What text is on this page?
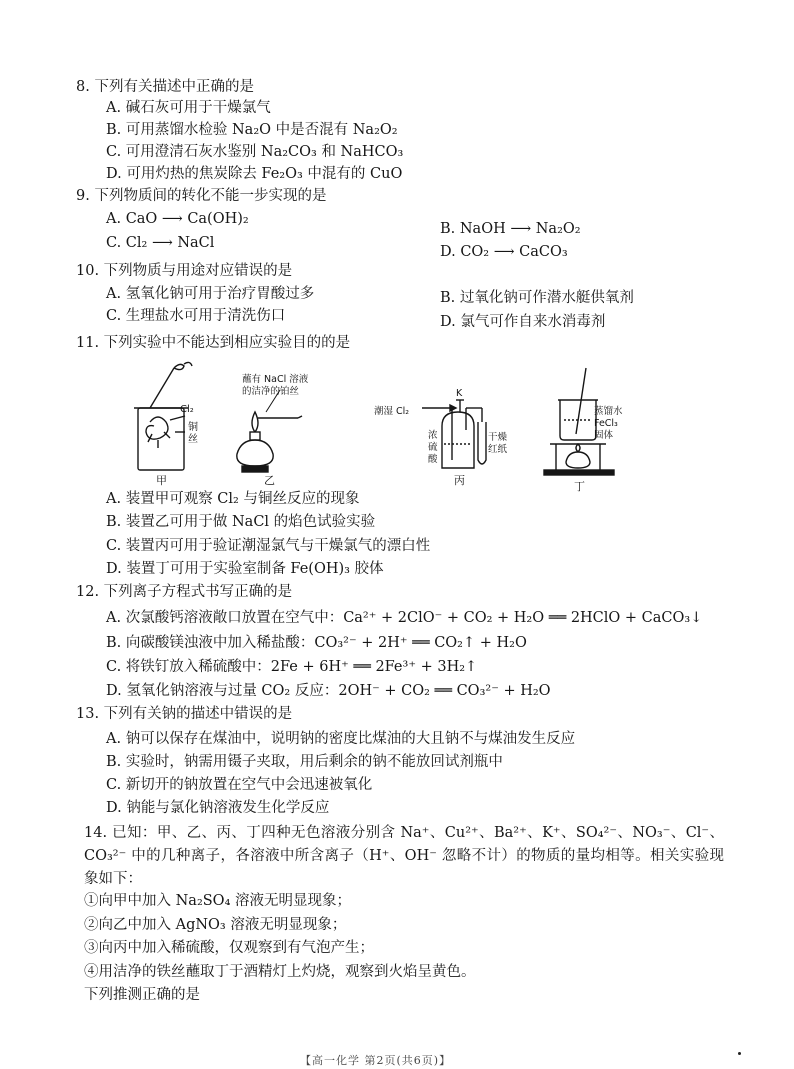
8. 下列有关描述中正确的是
A. 碱石灰可用于干燥氯气
B. 可用蒸馏水检验 Na₂O 中是否混有 Na₂O₂
C. 可用澄清石灰水鉴别 Na₂CO₃ 和 NaHCO₃
D. 可用灼热的焦炭除去 Fe₂O₃ 中混有的 CuO
9. 下列物质间的转化不能一步实现的是
A. CaO ⟶ Ca(OH)₂
B. NaOH ⟶ Na₂O₂
C. Cl₂ ⟶ NaCl
D. CO₂ ⟶ CaCO₃
10. 下列物质与用途对应错误的是
A. 氢氧化钠可用于治疗胃酸过多	B. 过氧化钠可作潜水艇供氧剂
C. 生理盐水可用于清洗伤口	D. 氯气可作自来水消毒剂
11. 下列实验中不能达到相应实验目的的是
Cl₂
铜
丝
甲
蘸有 NaCl 溶液
的洁净的铂丝
乙
潮湿 Cl₂
K
浓
硫
酸
干燥
红纸
丙
蒸馏水
FeCl₃
固体
丁
A. 装置甲可观察 Cl₂ 与铜丝反应的现象
B. 装置乙可用于做 NaCl 的焰色试验实验
C. 装置丙可用于验证潮湿氯气与干燥氯气的漂白性
D. 装置丁可用于实验室制备 Fe(OH)₃ 胶体
12. 下列离子方程式书写正确的是
A. 次氯酸钙溶液敞口放置在空气中：Ca²⁺ + 2ClO⁻ + CO₂ + H₂O ══ 2HClO + CaCO₃↓
B. 向碳酸镁浊液中加入稀盐酸：CO₃²⁻ + 2H⁺ ══ CO₂↑ + H₂O
C. 将铁钉放入稀硫酸中：2Fe + 6H⁺ ══ 2Fe³⁺ + 3H₂↑
D. 氢氧化钠溶液与过量 CO₂ 反应：2OH⁻ + CO₂ ══ CO₃²⁻ + H₂O
13. 下列有关钠的描述中错误的是
A. 钠可以保存在煤油中，说明钠的密度比煤油的大且钠不与煤油发生反应
B. 实验时，钠需用镊子夹取，用后剩余的钠不能放回试剂瓶中
C. 新切开的钠放置在空气中会迅速被氧化
D. 钠能与氯化钠溶液发生化学反应
14. 已知：甲、乙、丙、丁四种无色溶液分别含 Na⁺、Cu²⁺、Ba²⁺、K⁺、SO₄²⁻、NO₃⁻、Cl⁻、CO₃²⁻ 中的几种离子，各溶液中所含离子（H⁺、OH⁻ 忽略不计）的物质的量均相等。相关实验现象如下：
①向甲中加入 Na₂SO₄ 溶液无明显现象；
②向乙中加入 AgNO₃ 溶液无明显现象；
③向丙中加入稀硫酸，仅观察到有气泡产生；
④用洁净的铁丝蘸取丁于酒精灯上灼烧，观察到火焰呈黄色。
下列推测正确的是
【高一化学 第2页(共6页)】
